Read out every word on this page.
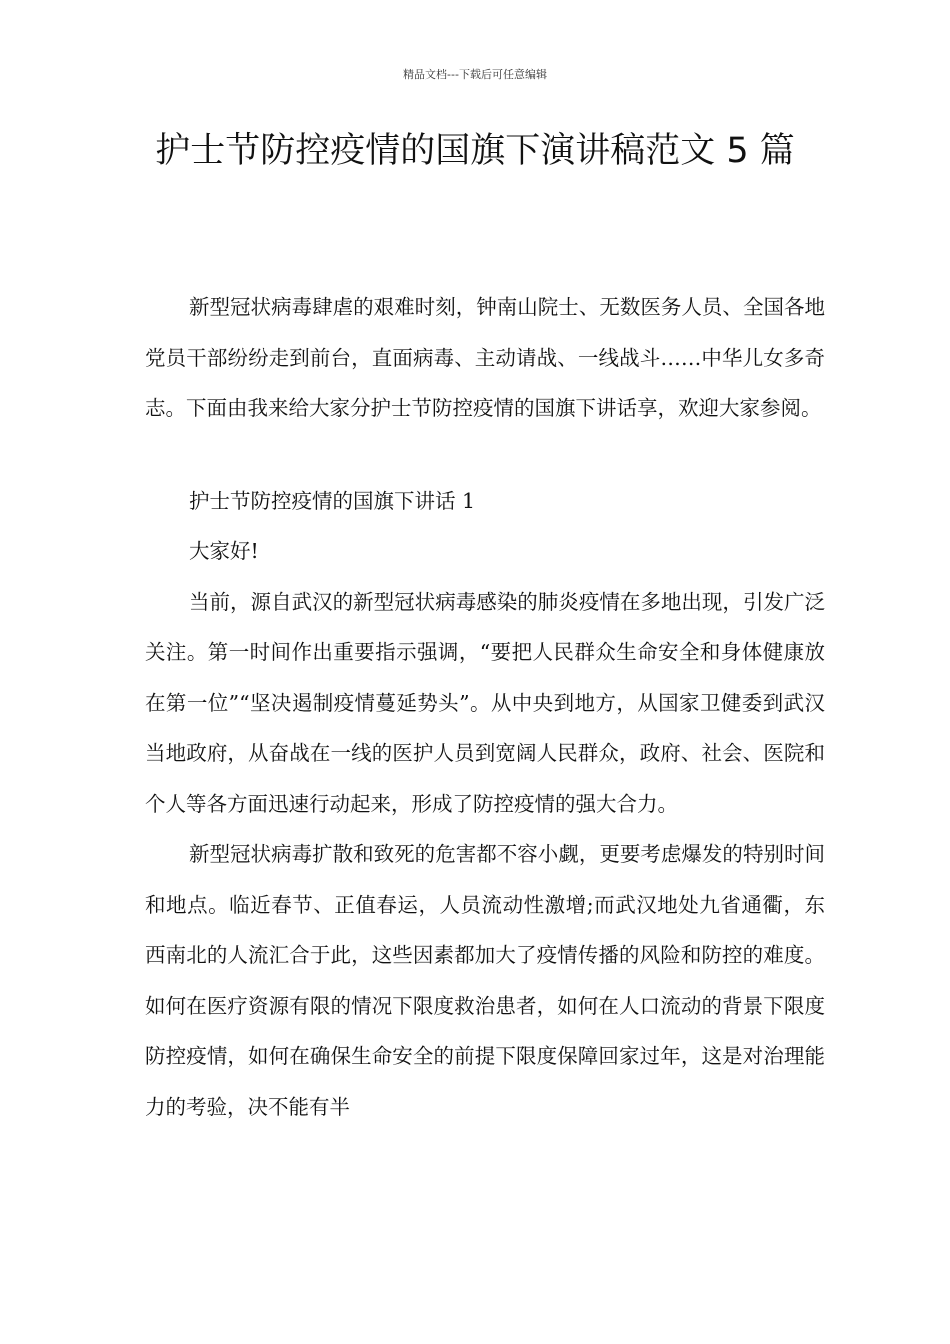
精品文档---下载后可任意编辑
护士节防控疫情的国旗下演讲稿范文 5 篇

新型冠状病毒肆虐的艰难时刻，钟南山院士、无数医务人员、全国各地党员干部纷纷走到前台，直面病毒、主动请战、一线战斗……中华儿女多奇志。下面由我来给大家分护士节防控疫情的国旗下讲话享，欢迎大家参阅。

护士节防控疫情的国旗下讲话 1

大家好!

当前，源自武汉的新型冠状病毒感染的肺炎疫情在多地出现，引发广泛关注。第一时间作出重要指示强调，“要把人民群众生命安全和身体健康放在第一位”“坚决遏制疫情蔓延势头”。从中央到地方，从国家卫健委到武汉当地政府，从奋战在一线的医护人员到宽阔人民群众，政府、社会、医院和个人等各方面迅速行动起来，形成了防控疫情的强大合力。

新型冠状病毒扩散和致死的危害都不容小觑，更要考虑爆发的特别时间和地点。临近春节、正值春运，人员流动性激增;而武汉地处九省通衢，东西南北的人流汇合于此，这些因素都加大了疫情传播的风险和防控的难度。如何在医疗资源有限的情况下限度救治患者，如何在人口流动的背景下限度防控疫情，如何在确保生命安全的前提下限度保障回家过年，这是对治理能力的考验，决不能有半
